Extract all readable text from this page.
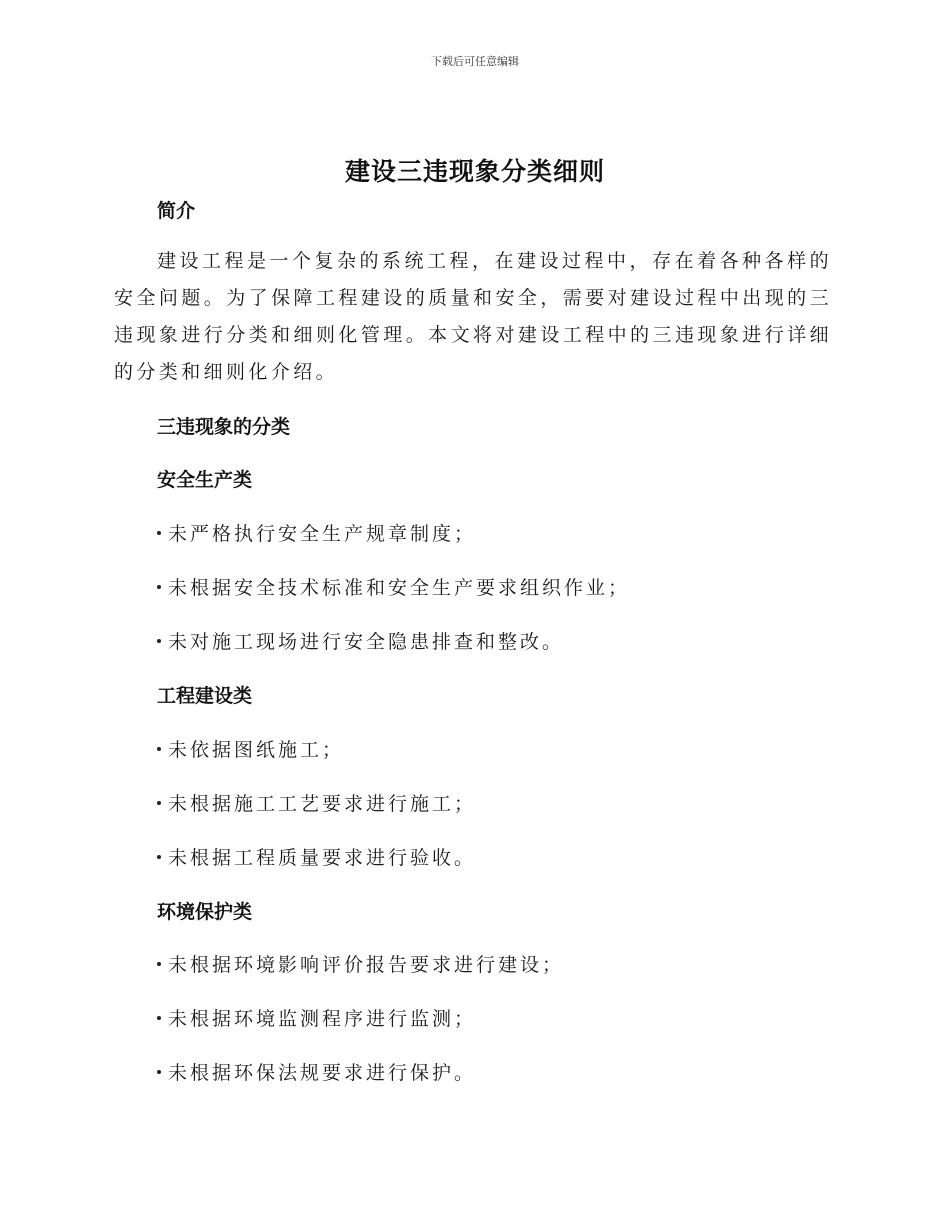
下载后可任意编辑
建设三违现象分类细则
简介
建设工程是一个复杂的系统工程，在建设过程中，存在着各种各样的安全问题。为了保障工程建设的质量和安全，需要对建设过程中出现的三违现象进行分类和细则化管理。本文将对建设工程中的三违现象进行详细的分类和细则化介绍。
三违现象的分类
安全生产类
未严格执行安全生产规章制度；
未根据安全技术标准和安全生产要求组织作业；
未对施工现场进行安全隐患排查和整改。
工程建设类
未依据图纸施工；
未根据施工工艺要求进行施工；
未根据工程质量要求进行验收。
环境保护类
未根据环境影响评价报告要求进行建设；
未根据环境监测程序进行监测；
未根据环保法规要求进行保护。
